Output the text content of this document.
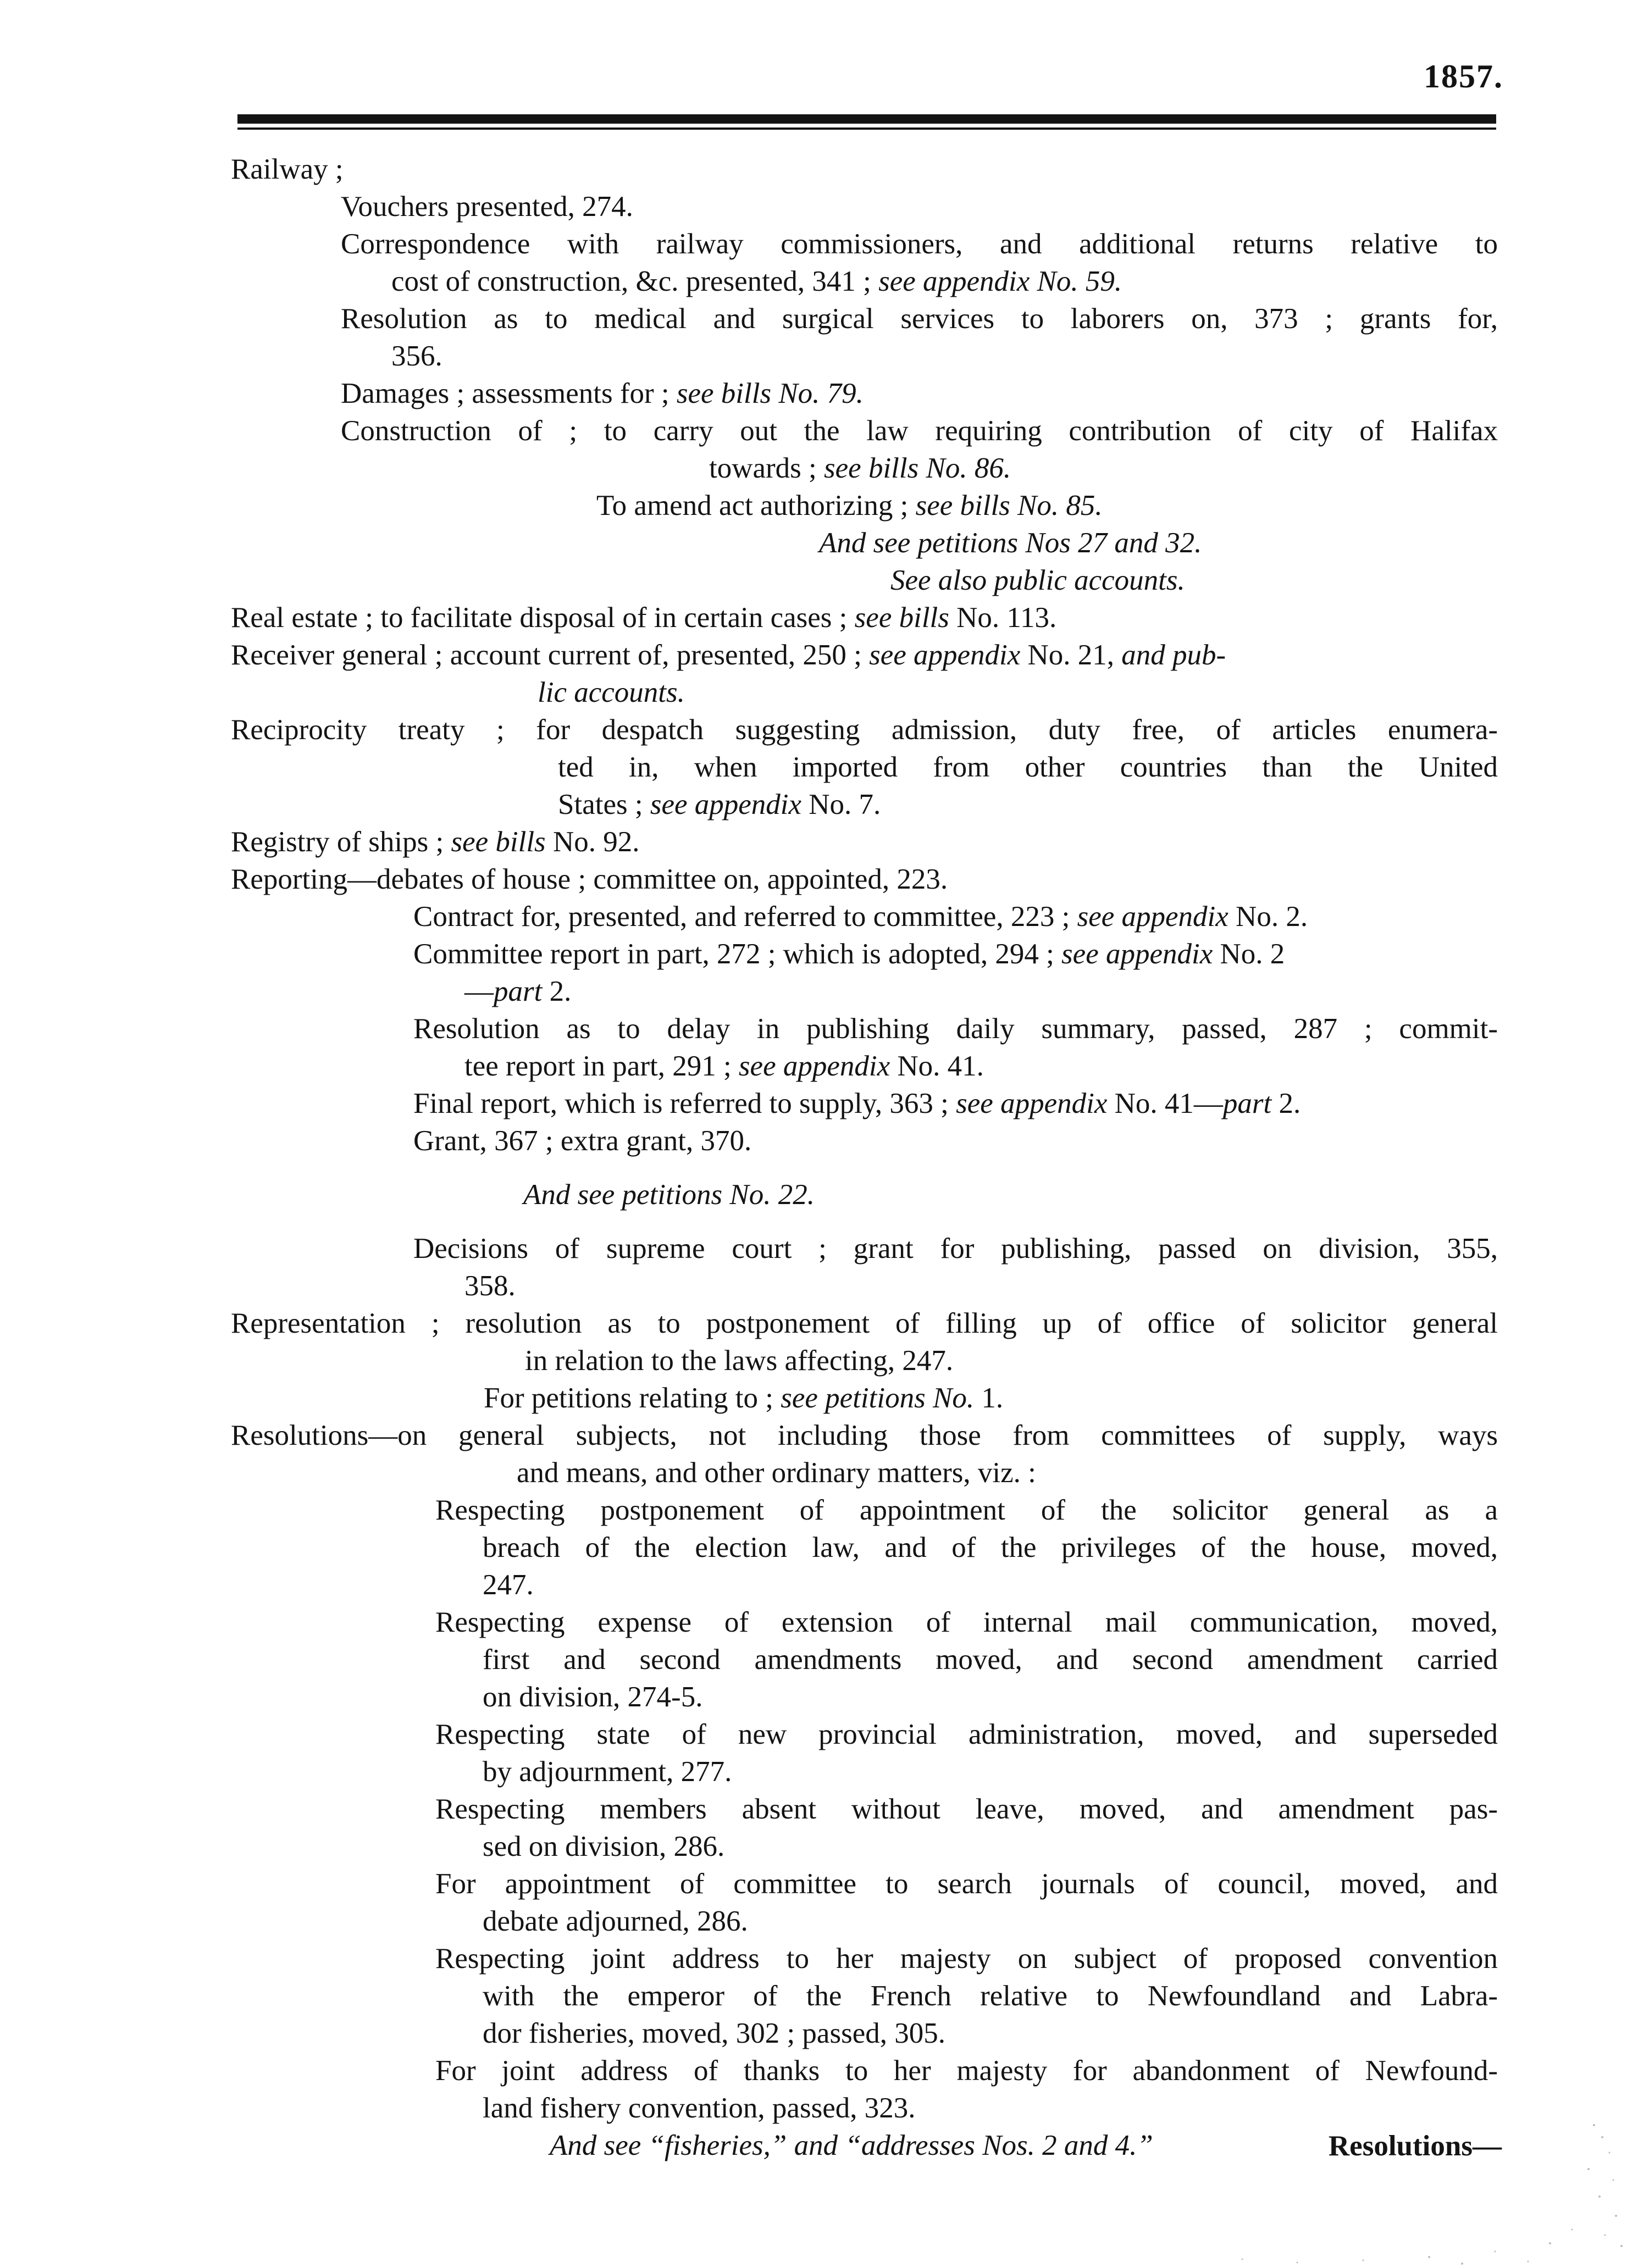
1857.
Railway ;
Vouchers presented, 274.
Correspondence with railway commissioners, and additional returns relative to
cost of construction, &c. presented, 341 ; see appendix No. 59.
Resolution as to medical and surgical services to laborers on, 373 ; grants for,
356.
Damages ; assessments for ; see bills No. 79.
Construction of ; to carry out the law requiring contribution of city of Halifax
towards ; see bills No. 86.
To amend act authorizing ; see bills No. 85.
And see petitions Nos 27 and 32.
See also public accounts.
Real estate ; to facilitate disposal of in certain cases ; see bills No. 113.
Receiver general ; account current of, presented, 250 ; see appendix No. 21, and pub-
lic accounts.
Reciprocity treaty ; for despatch suggesting admission, duty free, of articles enumera-
ted in, when imported from other countries than the United
States ; see appendix No. 7.
Registry of ships ; see bills No. 92.
Reporting—debates of house ; committee on, appointed, 223.
Contract for, presented, and referred to committee, 223 ; see appendix No. 2.
Committee report in part, 272 ; which is adopted, 294 ; see appendix No. 2
—part 2.
Resolution as to delay in publishing daily summary, passed, 287 ; commit-
tee report in part, 291 ; see appendix No. 41.
Final report, which is referred to supply, 363 ; see appendix No. 41—part 2.
Grant, 367 ; extra grant, 370.
And see petitions No. 22.
Decisions of supreme court ; grant for publishing, passed on division, 355,
358.
Representation ; resolution as to postponement of filling up of office of solicitor general
in relation to the laws affecting, 247.
For petitions relating to ; see petitions No. 1.
Resolutions—on general subjects, not including those from committees of supply, ways
and means, and other ordinary matters, viz. :
Respecting postponement of appointment of the solicitor general as a
breach of the election law, and of the privileges of the house, moved,
247.
Respecting expense of extension of internal mail communication, moved,
first and second amendments moved, and second amendment carried
on division, 274-5.
Respecting state of new provincial administration, moved, and superseded
by adjournment, 277.
Respecting members absent without leave, moved, and amendment pas-
sed on division, 286.
For appointment of committee to search journals of council, moved, and
debate adjourned, 286.
Respecting joint address to her majesty on subject of proposed convention
with the emperor of the French relative to Newfoundland and Labra-
dor fisheries, moved, 302 ; passed, 305.
For joint address of thanks to her majesty for abandonment of Newfound-
land fishery convention, passed, 323.
And see “fisheries,” and “addresses Nos. 2 and 4.”	Resolutions—
